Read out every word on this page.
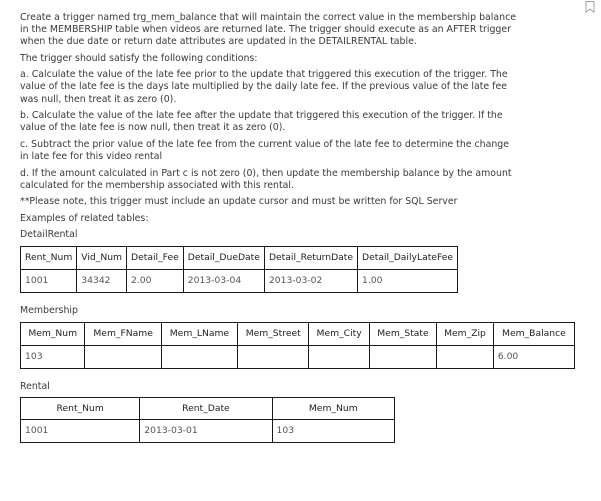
Create a trigger named trg_mem_balance that will maintain the correct value in the membership balance in the MEMBERSHIP table when videos are returned late. The trigger should execute as an AFTER trigger when the due date or return date attributes are updated in the DETAILRENTAL table.

The trigger should satisfy the following conditions:

a. Calculate the value of the late fee prior to the update that triggered this execution of the trigger. The value of the late fee is the days late multiplied by the daily late fee. If the previous value of the late fee was null, then treat it as zero (0).

b. Calculate the value of the late fee after the update that triggered this execution of the trigger. If the value of the late fee is now null, then treat it as zero (0).

c. Subtract the prior value of the late fee from the current value of the late fee to determine the change in late fee for this video rental

d. If the amount calculated in Part c is not zero (0), then update the membership balance by the amount calculated for the membership associated with this rental.

**Please note, this trigger must include an update cursor and must be written for SQL Server

Examples of related tables:

DetailRental

Rent_Num	Vid_Num	Detail_Fee	Detail_DueDate	Detail_ReturnDate	Detail_DailyLateFee
1001	34342	2.00	2013-03-04	2013-03-02	1.00

Membership

Mem_Num	Mem_FName	Mem_LName	Mem_Street	Mem_City	Mem_State	Mem_Zip	Mem_Balance
103							6.00

Rental

Rent_Num	Rent_Date	Mem_Num
1001	2013-03-01	103
